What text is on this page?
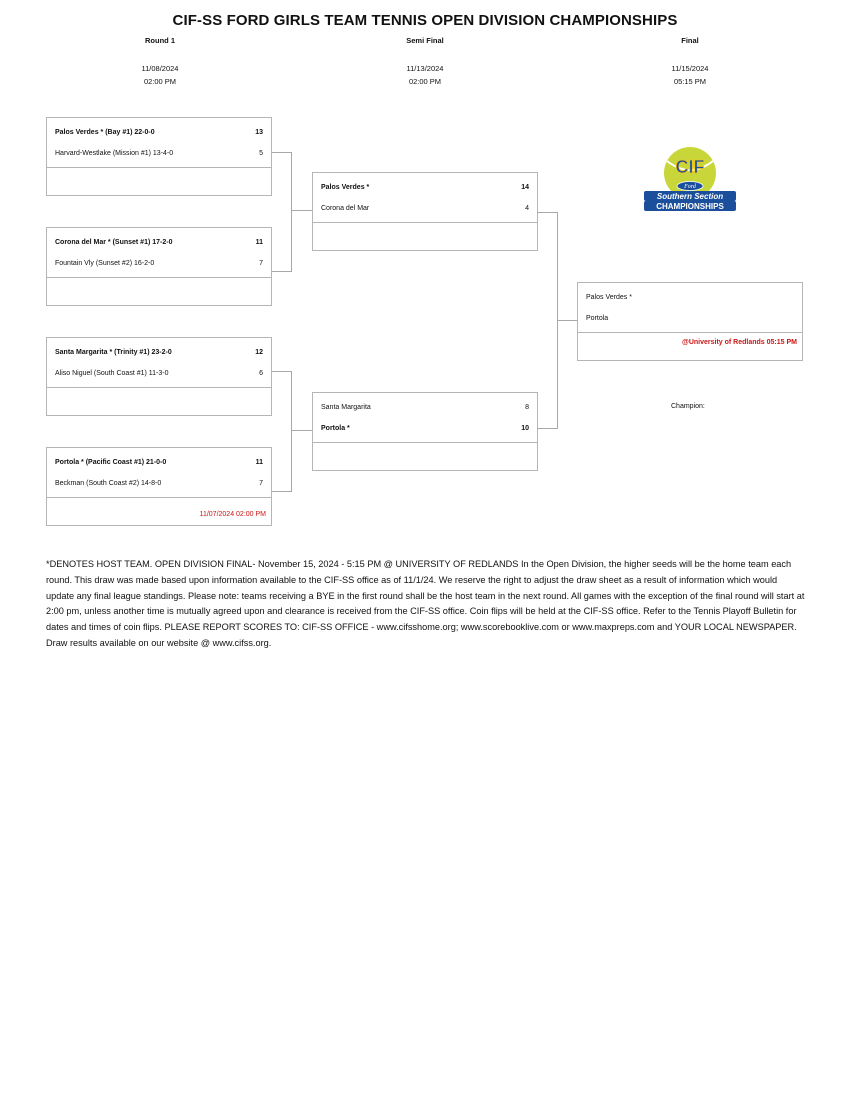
CIF-SS FORD GIRLS TEAM TENNIS OPEN DIVISION CHAMPIONSHIPS
Round 1
11/08/2024
02:00 PM
Semi Final
11/13/2024
02:00 PM
Final
11/15/2024
05:15 PM
Palos Verdes * (Bay #1) 22-0-0	13
Harvard-Westlake (Mission #1) 13-4-0	5
Corona del Mar * (Sunset #1) 17-2-0	11
Fountain Vly (Sunset #2) 16-2-0	7
Santa Margarita * (Trinity #1) 23-2-0	12
Aliso Niguel (South Coast #1) 11-3-0	6
Portola * (Pacific Coast #1) 21-0-0	11
Beckman (South Coast #2) 14-8-0	7
11/07/2024 02:00 PM
Palos Verdes *	14
Corona del Mar	4
Santa Margarita	8
Portola *	10
Palos Verdes *
Portola
@University of Redlands 05:15 PM
Champion:
CIF
Ford
Southern Section
CHAMPIONSHIPS
*DENOTES HOST TEAM. OPEN DIVISION FINAL- November 15, 2024 - 5:15 PM @ UNIVERSITY OF REDLANDS In the Open Division, the higher seeds will be the home team each round. This draw was made based upon information available to the CIF-SS office as of 11/1/24. We reserve the right to adjust the draw sheet as a result of information which would update any final league standings. Please note: teams receiving a BYE in the first round shall be the host team in the next round. All games with the exception of the final round will start at 2:00 pm, unless another time is mutually agreed upon and clearance is received from the CIF-SS office. Coin flips will be held at the CIF-SS office. Refer to the Tennis Playoff Bulletin for dates and times of coin flips. PLEASE REPORT SCORES TO: CIF-SS OFFICE - www.cifsshome.org; www.scorebooklive.com or www.maxpreps.com and YOUR LOCAL NEWSPAPER. Draw results available on our website @ www.cifss.org.
